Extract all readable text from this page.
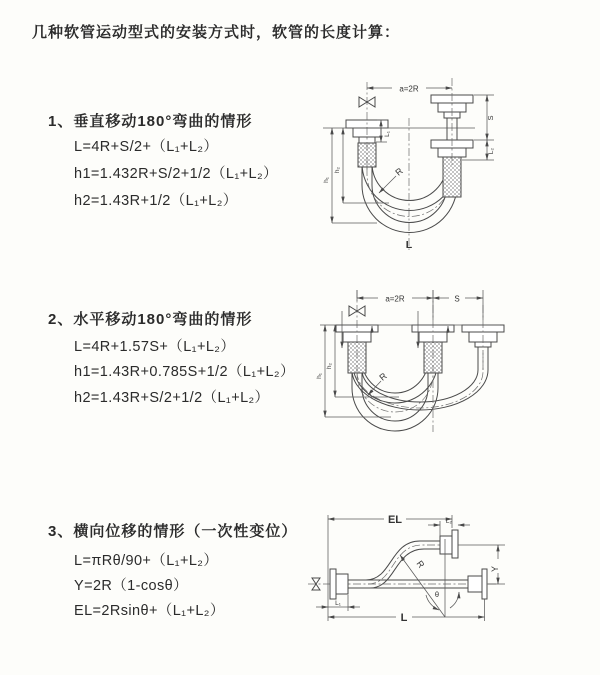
几种软管运动型式的安装方式时，软管的长度计算：
1、垂直移动180°弯曲的情形
L=4R+S/2+（L₁+L₂）
h1=1.432R+S/2+1/2（L₁+L₂）
h2=1.43R+1/2（L₁+L₂）
2、水平移动180°弯曲的情形
L=4R+1.57S+（L₁+L₂）
h1=1.43R+0.785S+1/2（L₁+L₂）
h2=1.43R+S/2+1/2（L₁+L₂）
3、横向位移的情形（一次性变位）
L=πRθ/90+（L₁+L₂）
Y=2R（1-cosθ）
EL=2Rsinθ+（L₁+L₂）
a=2R
L₁
S
L₂
h₁
h₂	R
L
a=2R	S
h₁
h₂
R
EL	L₂
R
θ
Y
L₁
L
